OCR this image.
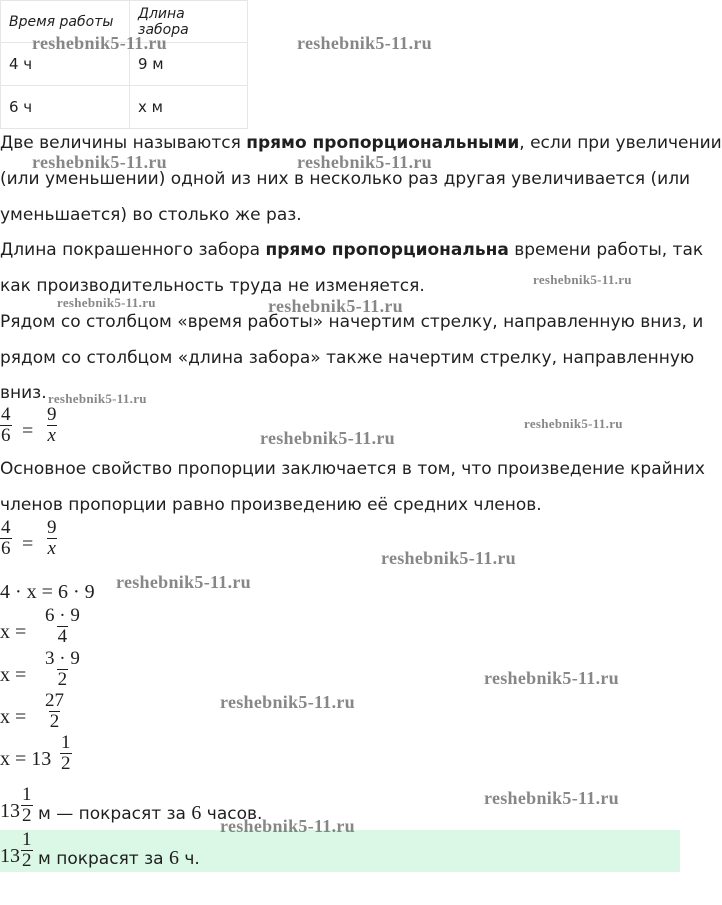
Время работы	Длина забора
4 ч	9 м
6 ч	x м
Две величины называются прямо пропорциональными, если при увеличении
(или уменьшении) одной из них в несколько раз другая увеличивается (или
уменьшается) во столько же раз.
Длина покрашенного забора прямо пропорциональна времени работы, так
как производительность труда не изменяется.
Рядом со столбцом «время работы» начертим стрелку, направленную вниз, и
рядом со столбцом «длина забора» также начертим стрелку, направленную
вниз.
$\frac{4}{6} = \frac{9}{x}$
Основное свойство пропорции заключается в том, что произведение крайних
членов пропорции равно произведению её средних членов.
$\frac{4}{6} = \frac{9}{x}$
4 · x = 6 · 9
$x = \frac{6 \cdot 9}{4}$
$x = \frac{3 \cdot 9}{2}$
$x = \frac{27}{2}$
$x = 13 \frac{1}{2}$
$13 \frac{1}{2}$ м — покрасят за 6 часов.
$13 \frac{1}{2}$ м покрасят за 6 ч.
reshebnik5-11.ru	reshebnik5-11.ru
reshebnik5-11.ru	reshebnik5-11.ru
reshebnik5-11.ru
reshebnik5-11.ru	reshebnik5-11.ru
reshebnik5-11.ru
reshebnik5-11.ru
reshebnik5-11.ru
reshebnik5-11.ru
reshebnik5-11.ru
reshebnik5-11.ru
reshebnik5-11.ru
reshebnik5-11.ru
reshebnik5-11.ru
